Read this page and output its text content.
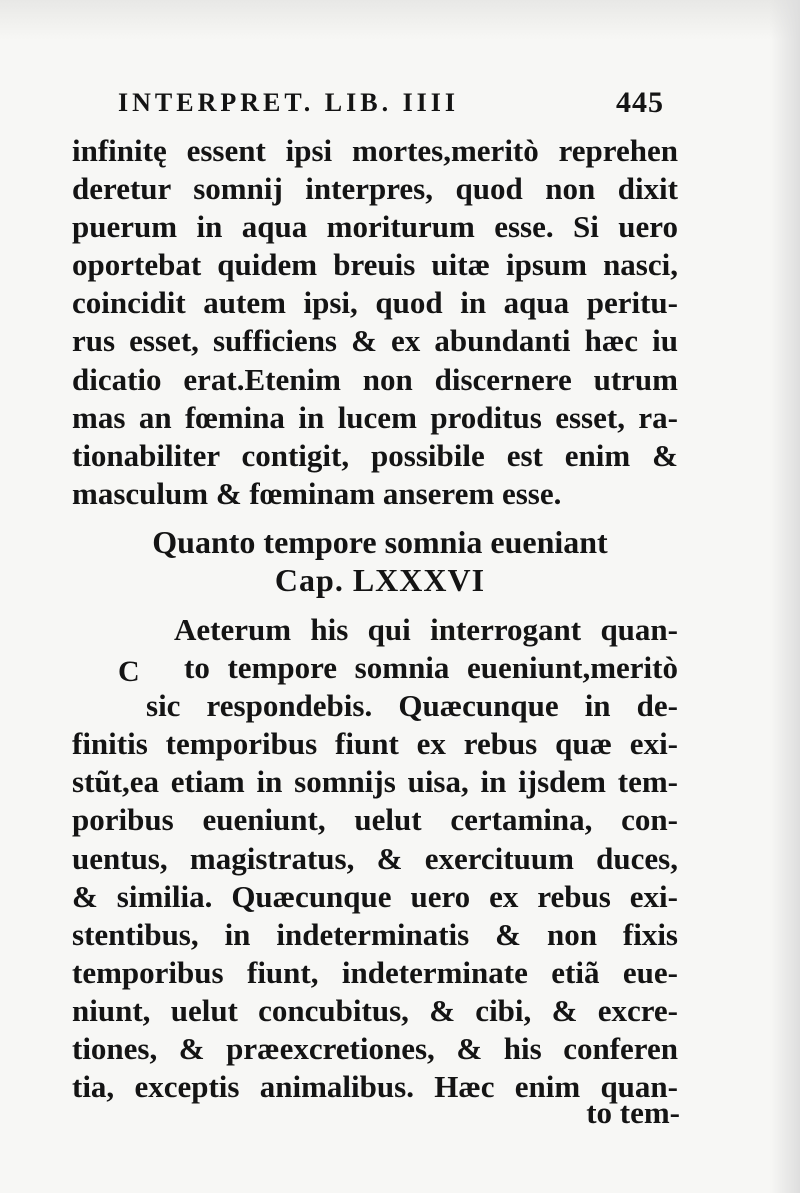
INTERPRET. LIB. IIII	445
infinitę essent ipsi mortes,meritò reprehen
deretur somnij interpres, quod non dixit
puerum in aqua moriturum esse. Si uero
oportebat quidem breuis uitæ ipsum nasci,
coincidit autem ipsi, quod in aqua peritu-
rus esset, sufficiens & ex abundanti hæc iu
dicatio erat.Etenim non discernere utrum
mas an fœmina in lucem proditus esset, ra-
tionabiliter contigit, possibile est enim &
masculum & fœminam anserem esse.
Quanto tempore somnia eueniant
Cap. LXXXVI
C
Aeterum his qui interrogant quan-
to tempore somnia eueniunt,meritò
sic respondebis. Quæcunque in de-
finitis temporibus fiunt ex rebus quæ exi-
stũt,ea etiam in somnijs uisa, in ijsdem tem-
poribus eueniunt, uelut certamina, con-
uentus, magistratus, & exercituum duces,
& similia. Quæcunque uero ex rebus exi-
stentibus, in indeterminatis & non fixis
temporibus fiunt, indeterminate etiã eue-
niunt, uelut concubitus, & cibi, & excre-
tiones, & præexcretiones, & his conferen
tia, exceptis animalibus. Hæc enim quan-
to tem-
